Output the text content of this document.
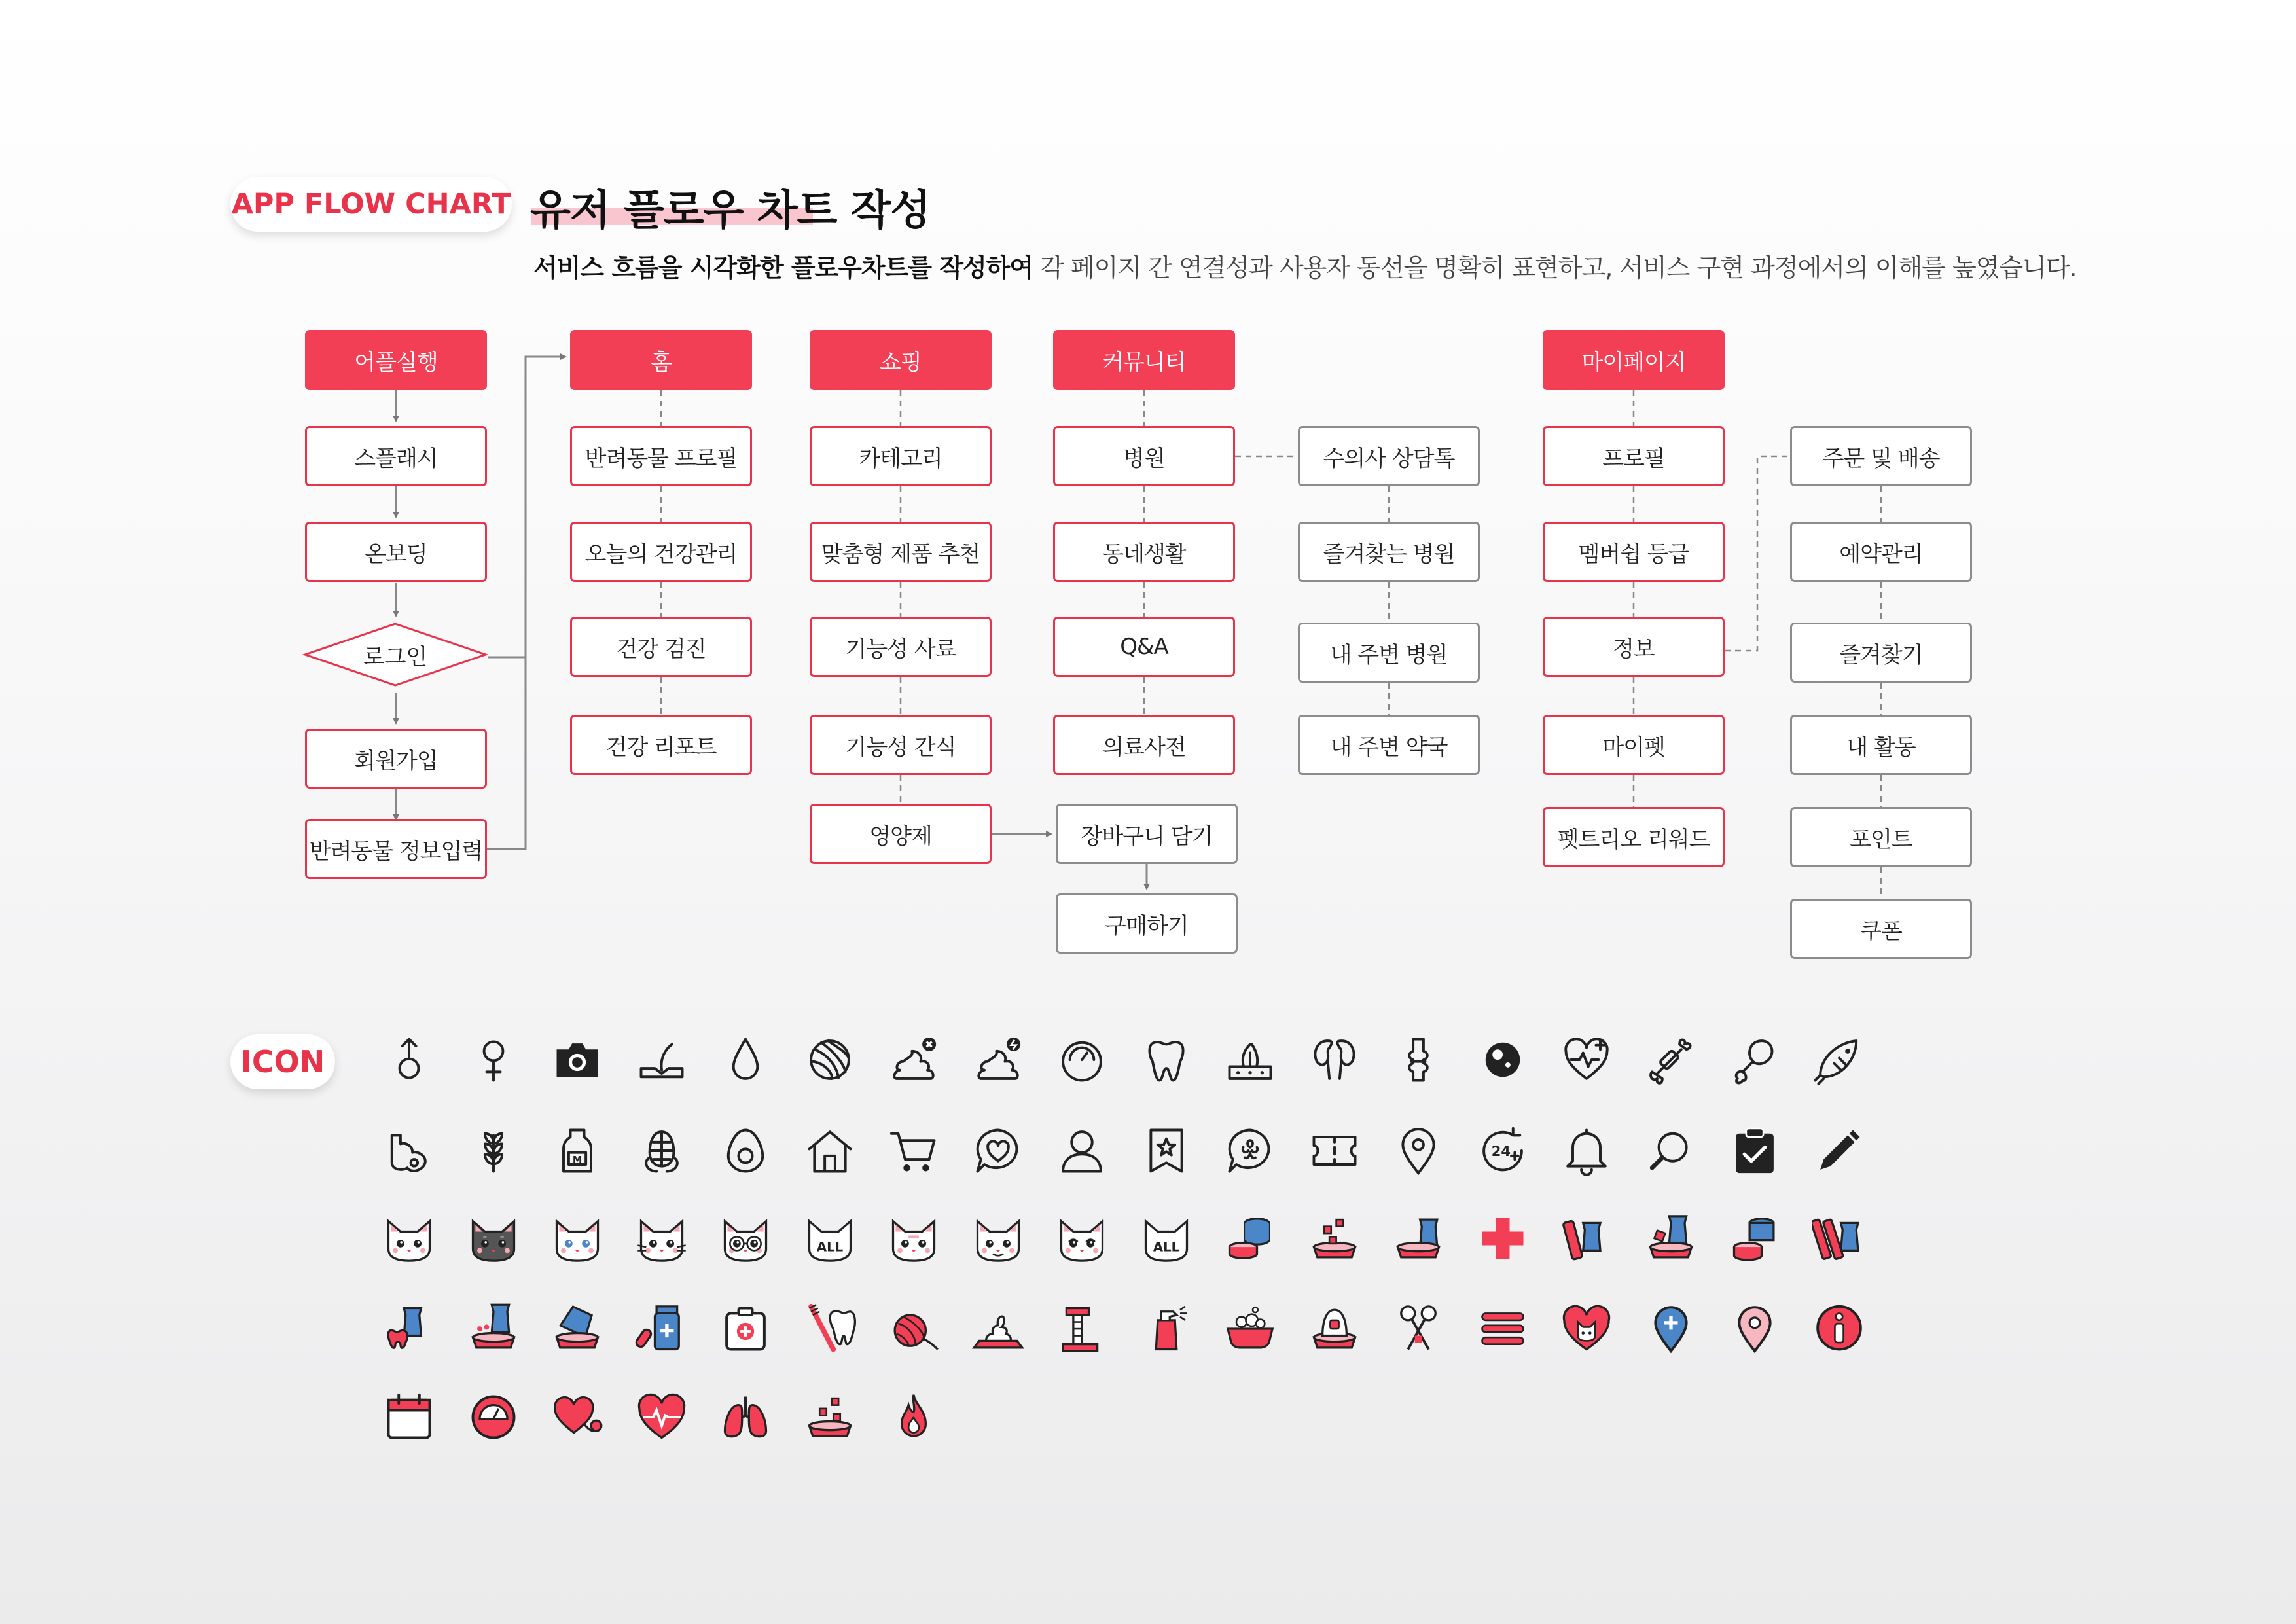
APP FLOW CHART 유저 플로우 차트 작성
서비스 흐름을 시각화한 플로우차트를 작성하여 각 페이지 간 연결성과 사용자 동선을 명확히 표현하고, 서비스 구현 과정에서의 이해를 높였습니다.
어플실행
스플래시
온보딩
로그인
회원가입
반려동물 정보입력
홈
반려동물 프로필
오늘의 건강관리
건강 검진
건강 리포트
쇼핑
카테고리
맞춤형 제품 추천
기능성 사료
기능성 간식
영양제	장바구니 담기
구매하기
커뮤니티
병원
동네생활
Q&A
의료사전
수의사 상담톡
즐겨찾는 병원
내 주변 병원
내 주변 약국
마이페이지
프로필
멤버쉽 등급
정보
마이펫
펫트리오 리워드
주문 및 배송
예약관리
즐겨찾기
내 활동
포인트
쿠폰
ICON
M
24
ALL	ALL
